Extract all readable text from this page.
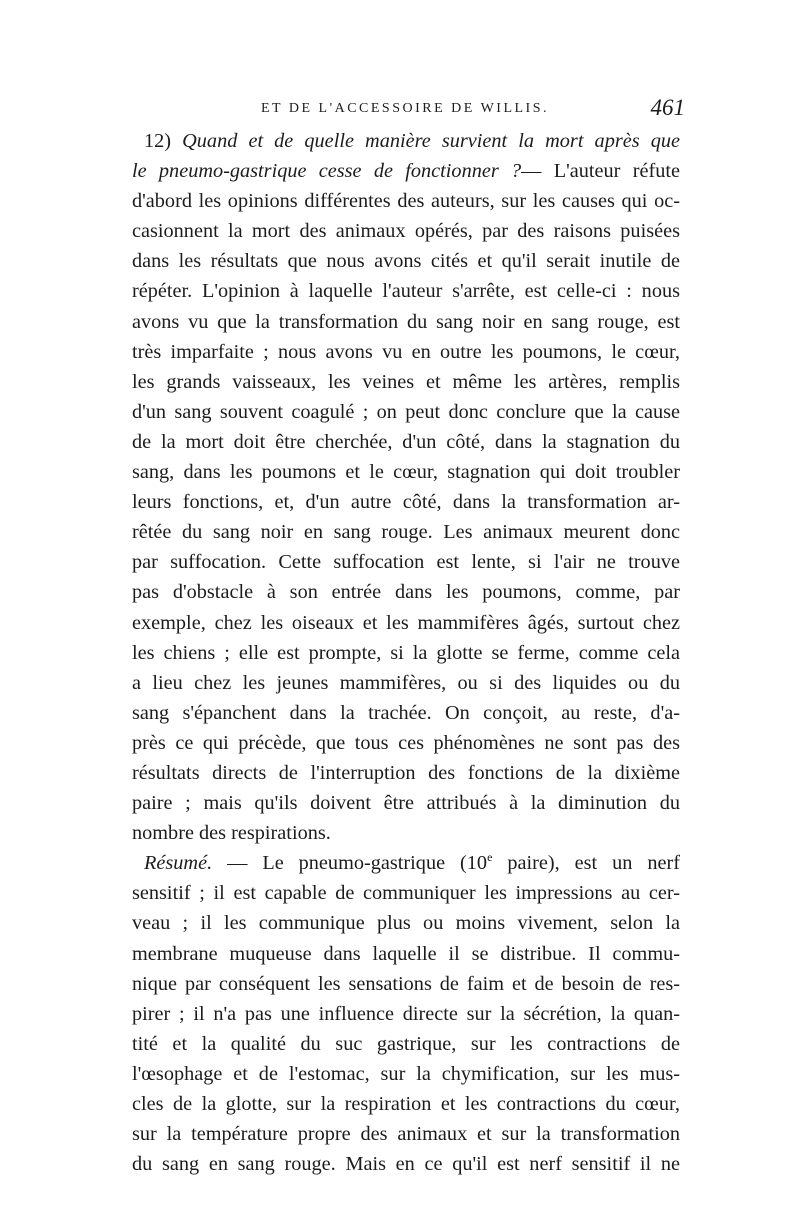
ET DE L'ACCESSOIRE DE WILLIS.	461
12) Quand et de quelle manière survient la mort après que
le pneumo-gastrique cesse de fonctionner ?— L'auteur réfute
d'abord les opinions différentes des auteurs, sur les causes qui oc-
casionnent la mort des animaux opérés, par des raisons puisées
dans les résultats que nous avons cités et qu'il serait inutile de
répéter. L'opinion à laquelle l'auteur s'arrête, est celle-ci : nous
avons vu que la transformation du sang noir en sang rouge, est
très imparfaite ; nous avons vu en outre les poumons, le cœur,
les grands vaisseaux, les veines et même les artères, remplis
d'un sang souvent coagulé ; on peut donc conclure que la cause
de la mort doit être cherchée, d'un côté, dans la stagnation du
sang, dans les poumons et le cœur, stagnation qui doit troubler
leurs fonctions, et, d'un autre côté, dans la transformation ar-
rêtée du sang noir en sang rouge. Les animaux meurent donc
par suffocation. Cette suffocation est lente, si l'air ne trouve
pas d'obstacle à son entrée dans les poumons, comme, par
exemple, chez les oiseaux et les mammifères âgés, surtout chez
les chiens ; elle est prompte, si la glotte se ferme, comme cela
a lieu chez les jeunes mammifères, ou si des liquides ou du
sang s'épanchent dans la trachée. On conçoit, au reste, d'a-
près ce qui précède, que tous ces phénomènes ne sont pas des
résultats directs de l'interruption des fonctions de la dixième
paire ; mais qu'ils doivent être attribués à la diminution du
nombre des respirations.
Résumé. — Le pneumo-gastrique (10e paire), est un nerf
sensitif ; il est capable de communiquer les impressions au cer-
veau ; il les communique plus ou moins vivement, selon la
membrane muqueuse dans laquelle il se distribue. Il commu-
nique par conséquent les sensations de faim et de besoin de res-
pirer ; il n'a pas une influence directe sur la sécrétion, la quan-
tité et la qualité du suc gastrique, sur les contractions de
l'œsophage et de l'estomac, sur la chymification, sur les mus-
cles de la glotte, sur la respiration et les contractions du cœur,
sur la température propre des animaux et sur la transformation
du sang en sang rouge. Mais en ce qu'il est nerf sensitif il ne
